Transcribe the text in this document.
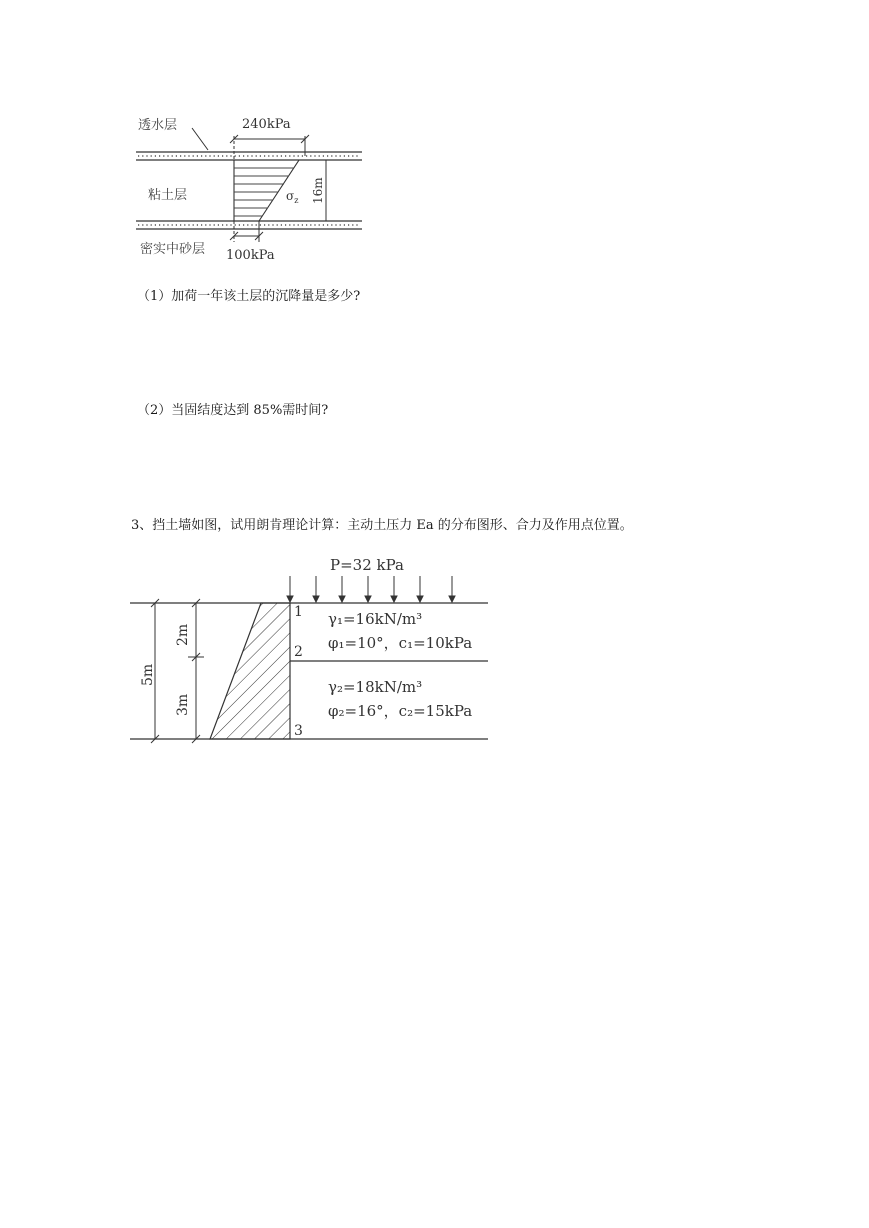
透水层
粘土层
密实中砂层
240kPa
$\sigma_z$ 16m
100kPa
（1）加荷一年该土层的沉降量是多少?
（2）当固结度达到 85%需时间?
3、挡土墙如图，试用朗肯理论计算：主动土压力 Ea 的分布图形、合力及作用点位置。
P=32 kPa
5m
2m
3m
1
2
3
γ₁=16kN/m³
φ₁=10°，c₁=10kPa
γ₂=18kN/m³
φ₂=16°，c₂=15kPa
